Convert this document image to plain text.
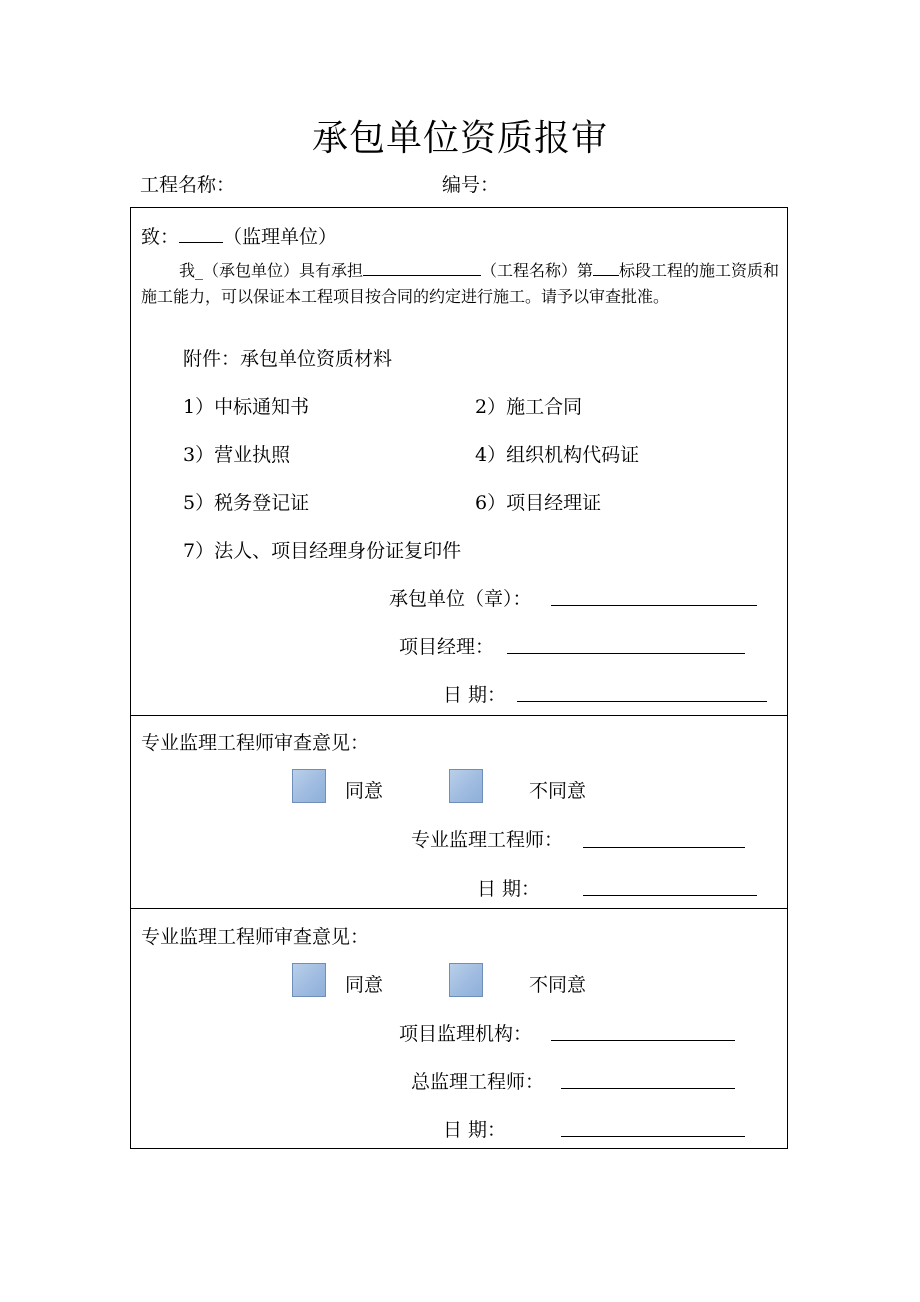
承包单位资质报审
工程名称：	编号：
致： （监理单位）
我_（承包单位）具有承担	（工程名称）第 标段工程的施工资质和施工能力，可以保证本工程项目按合同的约定进行施工。请予以审查批准。
附件：承包单位资质材料
1）中标通知书	2）施工合同
3）营业执照	4）组织机构代码证
5）税务登记证	6）项目经理证
7）法人、项目经理身份证复印件
承包单位（章）：
项目经理：
日 期：
专业监理工程师审查意见：
同意	不同意
专业监理工程师：
日 期：
专业监理工程师审查意见：
同意	不同意
项目监理机构：
总监理工程师：
日 期：
